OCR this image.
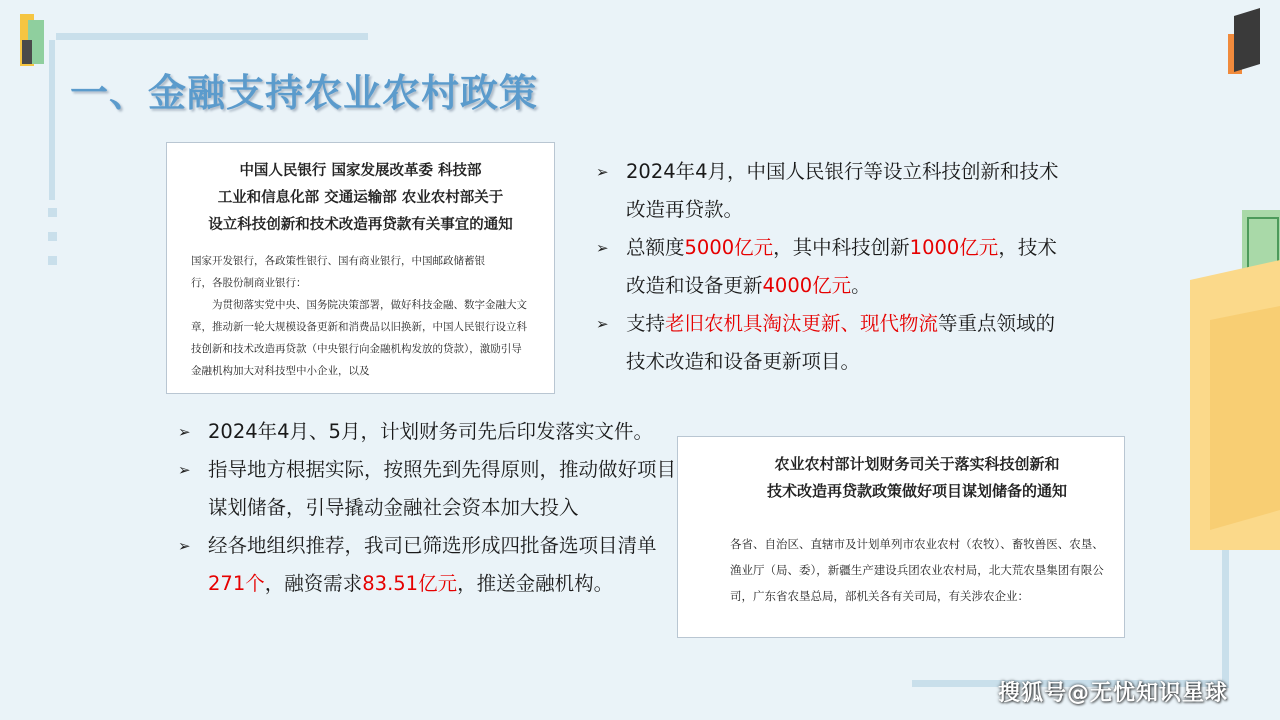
一、金融支持农业农村政策
中国人民银行 国家发展改革委 科技部
工业和信息化部 交通运输部 农业农村部关于
设立科技创新和技术改造再贷款有关事宜的通知

国家开发银行，各政策性银行、国有商业银行，中国邮政储蓄银

行，各股份制商业银行：

为贯彻落实党中央、国务院决策部署，做好科技金融、数字金融大文章，推动新一轮大规模设备更新和消费品以旧换新，中国人民银行设立科技创新和技术改造再贷款（中央银行向金融机构发放的贷款），激励引导金融机构加大对科技型中小企业，以及

➢ 2024年4月，中国人民银行等设立科技创新和技术改造再贷款。
➢ 总额度5000亿元，其中科技创新1000亿元，技术改造和设备更新4000亿元。
➢ 支持老旧农机具淘汰更新、现代物流等重点领域的技术改造和设备更新项目。
➢ 2024年4月、5月，计划财务司先后印发落实文件。
➢ 指导地方根据实际，按照先到先得原则，推动做好项目谋划储备，引导撬动金融社会资本加大投入
➢ 经各地组织推荐，我司已筛选形成四批备选项目清单271个，融资需求83.51亿元，推送金融机构。
农业农村部计划财务司关于落实科技创新和
技术改造再贷款政策做好项目谋划储备的通知
各省、自治区、直辖市及计划单列市农业农村（农牧）、畜牧兽医、农垦、渔业厅（局、委），新疆生产建设兵团农业农村局，北大荒农垦集团有限公司，广东省农垦总局，部机关各有关司局，有关涉农企业：
搜狐号@无忧知识星球
